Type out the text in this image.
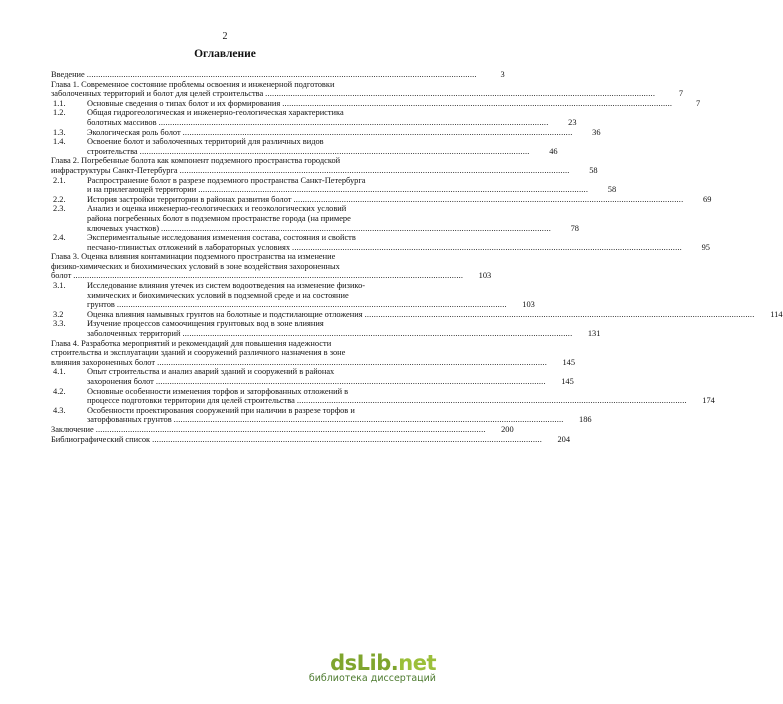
2
Оглавление
Введение .....	3
Глава 1. Современное состояние проблемы освоения и инженерной подготовки
заболоченных территорий и болот для целей строительства .....	7
1.1.	Основные сведения о типах болот и их формирования .....	7
1.2.	Общая гидрогеологическая и инженерно-геологическая характеристика
болотных массивов .....	23
1.3.	Экологическая роль болот .....	36
1.4.	Освоение болот и заболоченных территорий для различных видов
строительства .....	46
Глава 2. Погребенные болота как компонент подземного пространства городской
инфраструктуры Санкт-Петербурга .....	58
2.1.	Распространение болот в разрезе подземного пространства Санкт-Петербурга
и на прилегающей территории .....	58
2.2.	История застройки территории в районах развития болот .....	69
2.3.	Анализ и оценка инженерно-геологических и геоэкологических условий
района погребенных болот в подземном пространстве города (на примере
ключевых участков) .....	78
2.4.	Экспериментальные исследования изменения состава, состояния и свойств
песчано-глинистых отложений в лабораторных условиях .....	95
Глава 3. Оценка влияния контаминации подземного пространства на изменение
физико-химических и биохимических условий в зоне воздействия захороненных
болот .....	103
3.1.	Исследование влияния утечек из систем водоотведения на изменение физико-
химических и биохимических условий в подземной среде и на состояние
грунтов .....	103
3.2	Оценка влияния намывных грунтов на болотные и подстилающие отложения .....	114
3.3.	Изучение процессов самоочищения грунтовых вод в зоне влияния
заболоченных территорий .....	131
Глава 4. Разработка мероприятий и рекомендаций для повышения надежности
строительства и эксплуатации зданий и сооружений различного назначения в зоне
влияния захороненных болот .....	145
4.1.	Опыт строительства и анализ аварий зданий и сооружений в районах
захоронения болот .....	145
4.2.	Основные особенности изменения торфов и заторфованных отложений в
процессе подготовки территории для целей строительства .....	174
4.3.	Особенности проектирования сооружений при наличии в разрезе торфов и
заторфованных грунтов .....	186
Заключение .....	200
Библиографический список .....	204
dsLib.net
библиотека диссертаций
